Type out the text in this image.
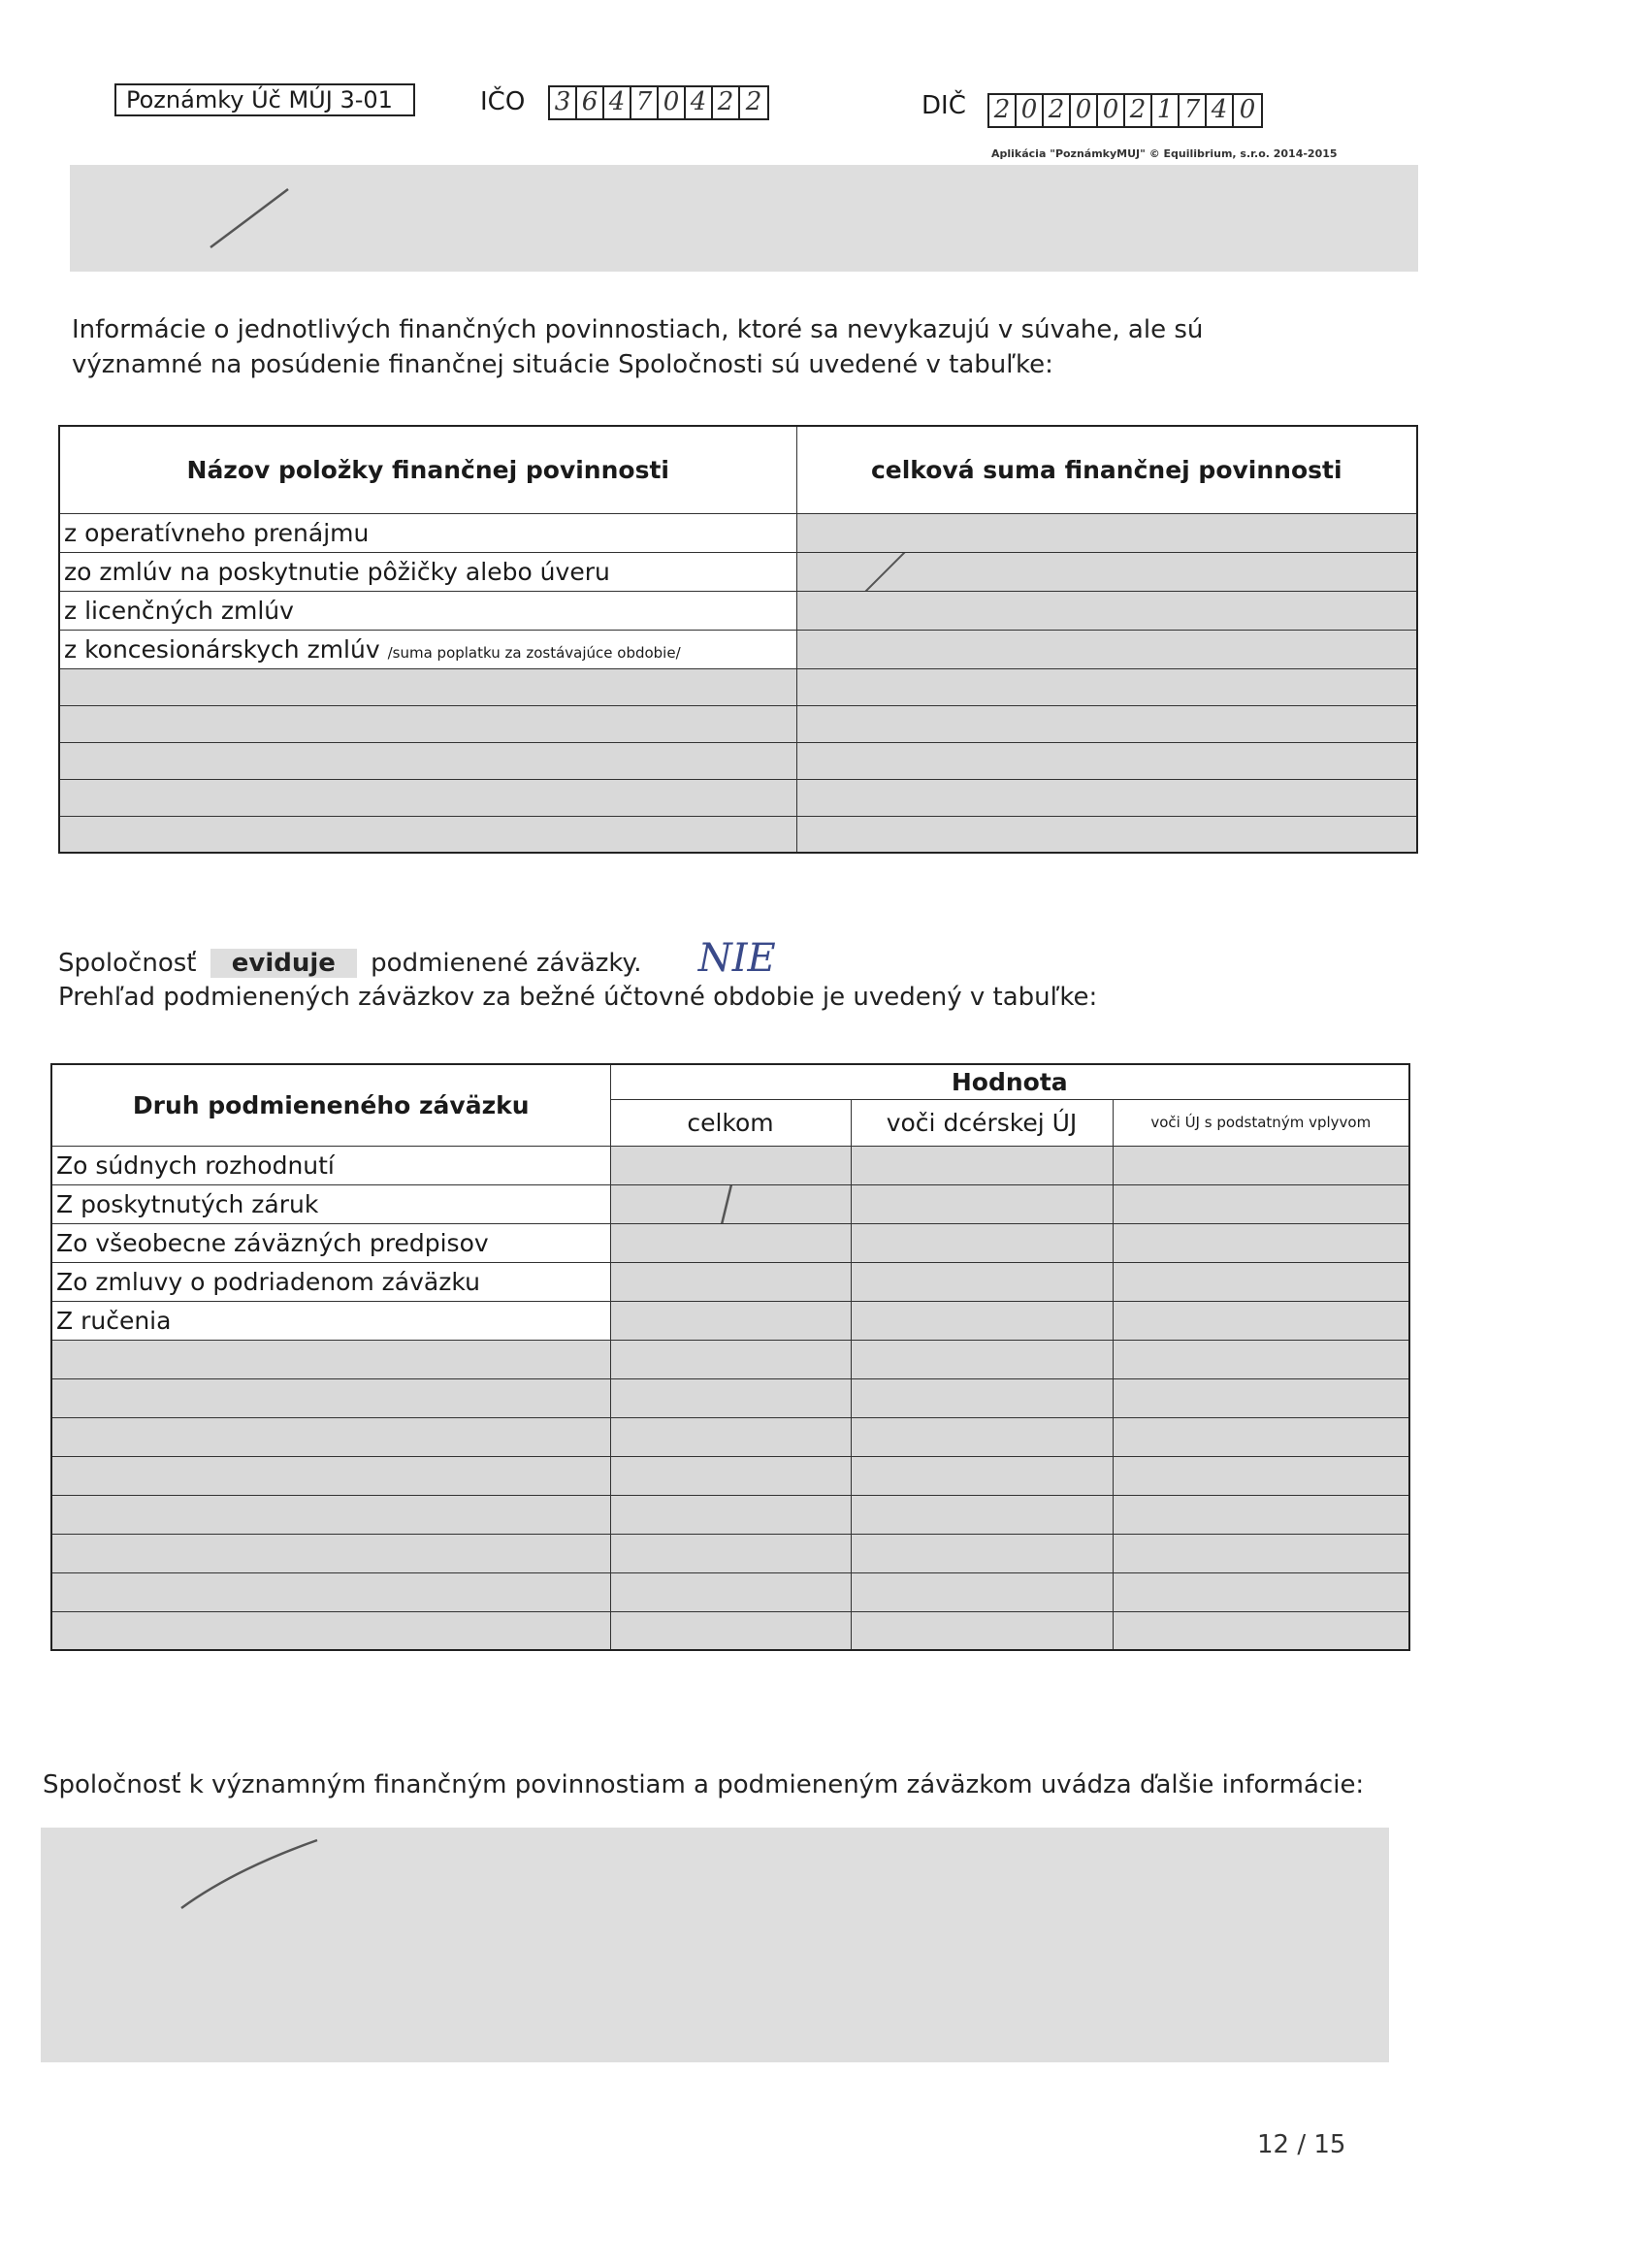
Poznámky Úč MÚJ 3-01	IČO 3 6 4 7 0 4 2 2	DIČ 2 0 2 0 0 2 1 7 4 0
Aplikácia "PoznámkyMUJ" © Equilibrium, s.r.o. 2014-2015
Informácie o jednotlivých finančných povinnostiach, ktoré sa nevykazujú v súvahe, ale sú významné na posúdenie finančnej situácie Spoločnosti sú uvedené v tabuľke:
Názov položky finančnej povinnosti	celková suma finančnej povinnosti
z operatívneho prenájmu	
zo zmlúv na poskytnutie pôžičky alebo úveru	

z licenčných zmlúv	
z koncesionárskych zmlúv /suma poplatku za zostávajúce obdobie/	

Spoločnosť eviduje podmienené záväzky. NIE
Prehľad podmienených záväzkov za bežné účtovné obdobie je uvedený v tabuľke:
Druh podmieneného záväzku	Hodnota		
	celkom	voči dcérskej ÚJ	voči ÚJ s podstatným vplyvom
Zo súdnych rozhodnutí			
Z poskytnutých záruk	

Zo všeobecne záväzných predpisov			
Zo zmluvy o podriadenom záväzku			
Z ručenia			

Spoločnosť k významným finančným povinnostiam a podmieneným záväzkom uvádza ďalšie informácie:
12 / 15
